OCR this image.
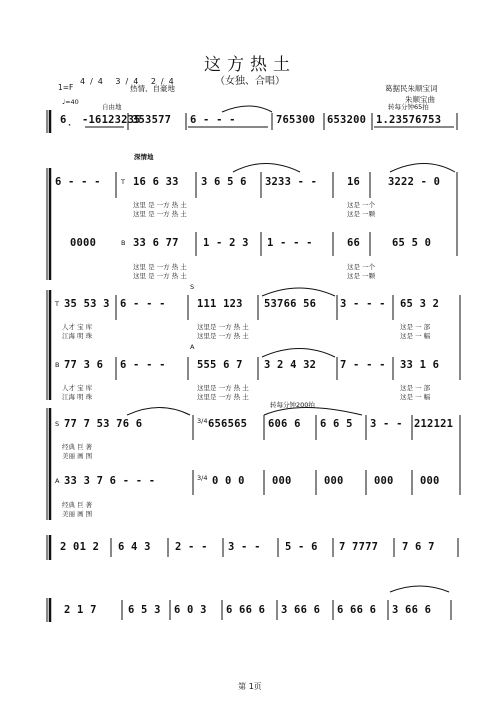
这方热土
（女独、合唱）
葛据民朱顺宝词
朱顺宝曲
1=F
4/4 3/4 2/4
热情、自豪地
♩=40
自由地	转每分钟65拍
深情地
转每分钟200拍
6̣ -16123235
353577 6 - - -	765300 653200 1.23576753
6 - - -	T 16 6 33 3 6 5 6 3233 - -	16	3222 - 0
这里 是 一方 热 土
这里 是 一方 热 土
这是 一个
这是 一颗
0000	B 33 6 77 1 - 2 3 1 - - -	66	65 5 0
这里 是 一方 热 土
这里 是 一方 热 土
这是 一个
这是 一颗
T
S
35 53 3 6 - - -	111 123 53766 56 3 - - - 65 3 2
人才 宝 库
江海 明 珠
这里是 一方 热 土
这里是 一方 热 土
这是 一 部
这是 一 幅
A
B 77 3 6 6 - - -	555 6 7 3 2 4 32 7 - - - 33 1 6
人才 宝 库
江海 明 珠
这里是 一方 热 土
这里是 一方 热 土
这是 一 部
这是 一 幅
S 77 7 53 76 6	3/4 656565 606 6 6 6 5 3 - - 212121
经典 巨 著
美丽 画 图
A 33 3 7 6 - - -	3/4 0 0 0	000	000	000	000
经典 巨 著
美丽 画 图
2 01 2 6 4 3 2 - - 3 - - 5 - 6 7 7777 7 6 7
2 1 7	6 5 3 6 0 3 6 66 6 3 66 6 6 66 6 3 66 6
第 1页
